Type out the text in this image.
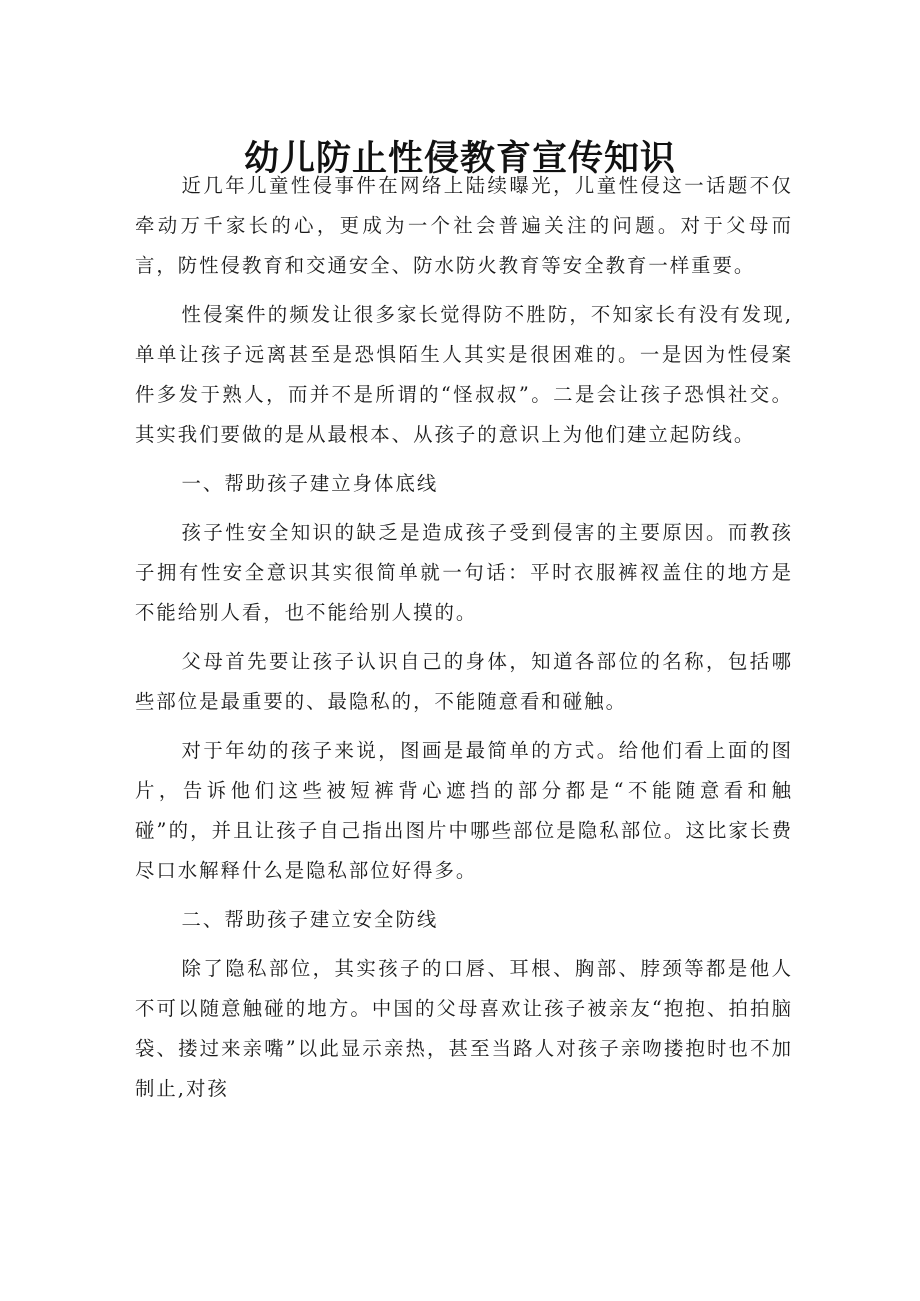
幼儿防止性侵教育宣传知识

近几年儿童性侵事件在网络上陆续曝光，儿童性侵这一话题不仅牵动万千家长的心，更成为一个社会普遍关注的问题。对于父母而言，防性侵教育和交通安全、防水防火教育等安全教育一样重要。

性侵案件的频发让很多家长觉得防不胜防，不知家长有没有发现,单单让孩子远离甚至是恐惧陌生人其实是很困难的。一是因为性侵案件多发于熟人，而并不是所谓的“怪叔叔”。二是会让孩子恐惧社交。其实我们要做的是从最根本、从孩子的意识上为他们建立起防线。

一、帮助孩子建立身体底线

孩子性安全知识的缺乏是造成孩子受到侵害的主要原因。而教孩子拥有性安全意识其实很简单就一句话：平时衣服裤衩盖住的地方是不能给别人看，也不能给别人摸的。

父母首先要让孩子认识自己的身体，知道各部位的名称，包括哪些部位是最重要的、最隐私的，不能随意看和碰触。

对于年幼的孩子来说，图画是最简单的方式。给他们看上面的图片，告诉他们这些被短裤背心遮挡的部分都是“不能随意看和触碰”的，并且让孩子自己指出图片中哪些部位是隐私部位。这比家长费尽口水解释什么是隐私部位好得多。

二、帮助孩子建立安全防线

除了隐私部位，其实孩子的口唇、耳根、胸部、脖颈等都是他人不可以随意触碰的地方。中国的父母喜欢让孩子被亲友“抱抱、拍拍脑袋、搂过来亲嘴”以此显示亲热，甚至当路人对孩子亲吻搂抱时也不加制止,对孩
